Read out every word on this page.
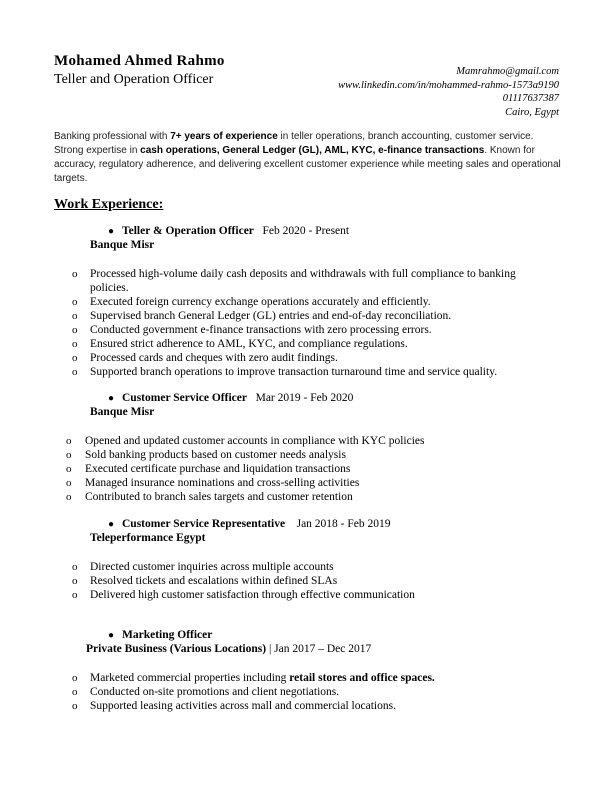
Mohamed Ahmed Rahmo
Teller and Operation Officer
Mamrahmo@gmail.com
www.linkedin.com/in/mohammed-rahmo-1573a9190
01117637387
Cairo, Egypt
Banking professional with 7+ years of experience in teller operations, branch accounting, customer service. Strong expertise in cash operations, General Ledger (GL), AML, KYC, e-finance transactions. Known for accuracy, regulatory adherence, and delivering excellent customer experience while meeting sales and operational targets.
Work Experience:
● Teller & Operation Officer Feb 2020 - Present
Banque Misr
o Processed high-volume daily cash deposits and withdrawals with full compliance to banking policies.
o Executed foreign currency exchange operations accurately and efficiently.
o Supervised branch General Ledger (GL) entries and end-of-day reconciliation.
o Conducted government e-finance transactions with zero processing errors.
o Ensured strict adherence to AML, KYC, and compliance regulations.
o Processed cards and cheques with zero audit findings.
o Supported branch operations to improve transaction turnaround time and service quality.
● Customer Service Officer Mar 2019 - Feb 2020
Banque Misr
o Opened and updated customer accounts in compliance with KYC policies
o Sold banking products based on customer needs analysis
o Executed certificate purchase and liquidation transactions
o Managed insurance nominations and cross-selling activities
o Contributed to branch sales targets and customer retention
● Customer Service Representative Jan 2018 - Feb 2019
Teleperformance Egypt
o Directed customer inquiries across multiple accounts
o Resolved tickets and escalations within defined SLAs
o Delivered high customer satisfaction through effective communication
● Marketing Officer
Private Business (Various Locations) | Jan 2017 – Dec 2017
o Marketed commercial properties including retail stores and office spaces.
o Conducted on-site promotions and client negotiations.
o Supported leasing activities across mall and commercial locations.
